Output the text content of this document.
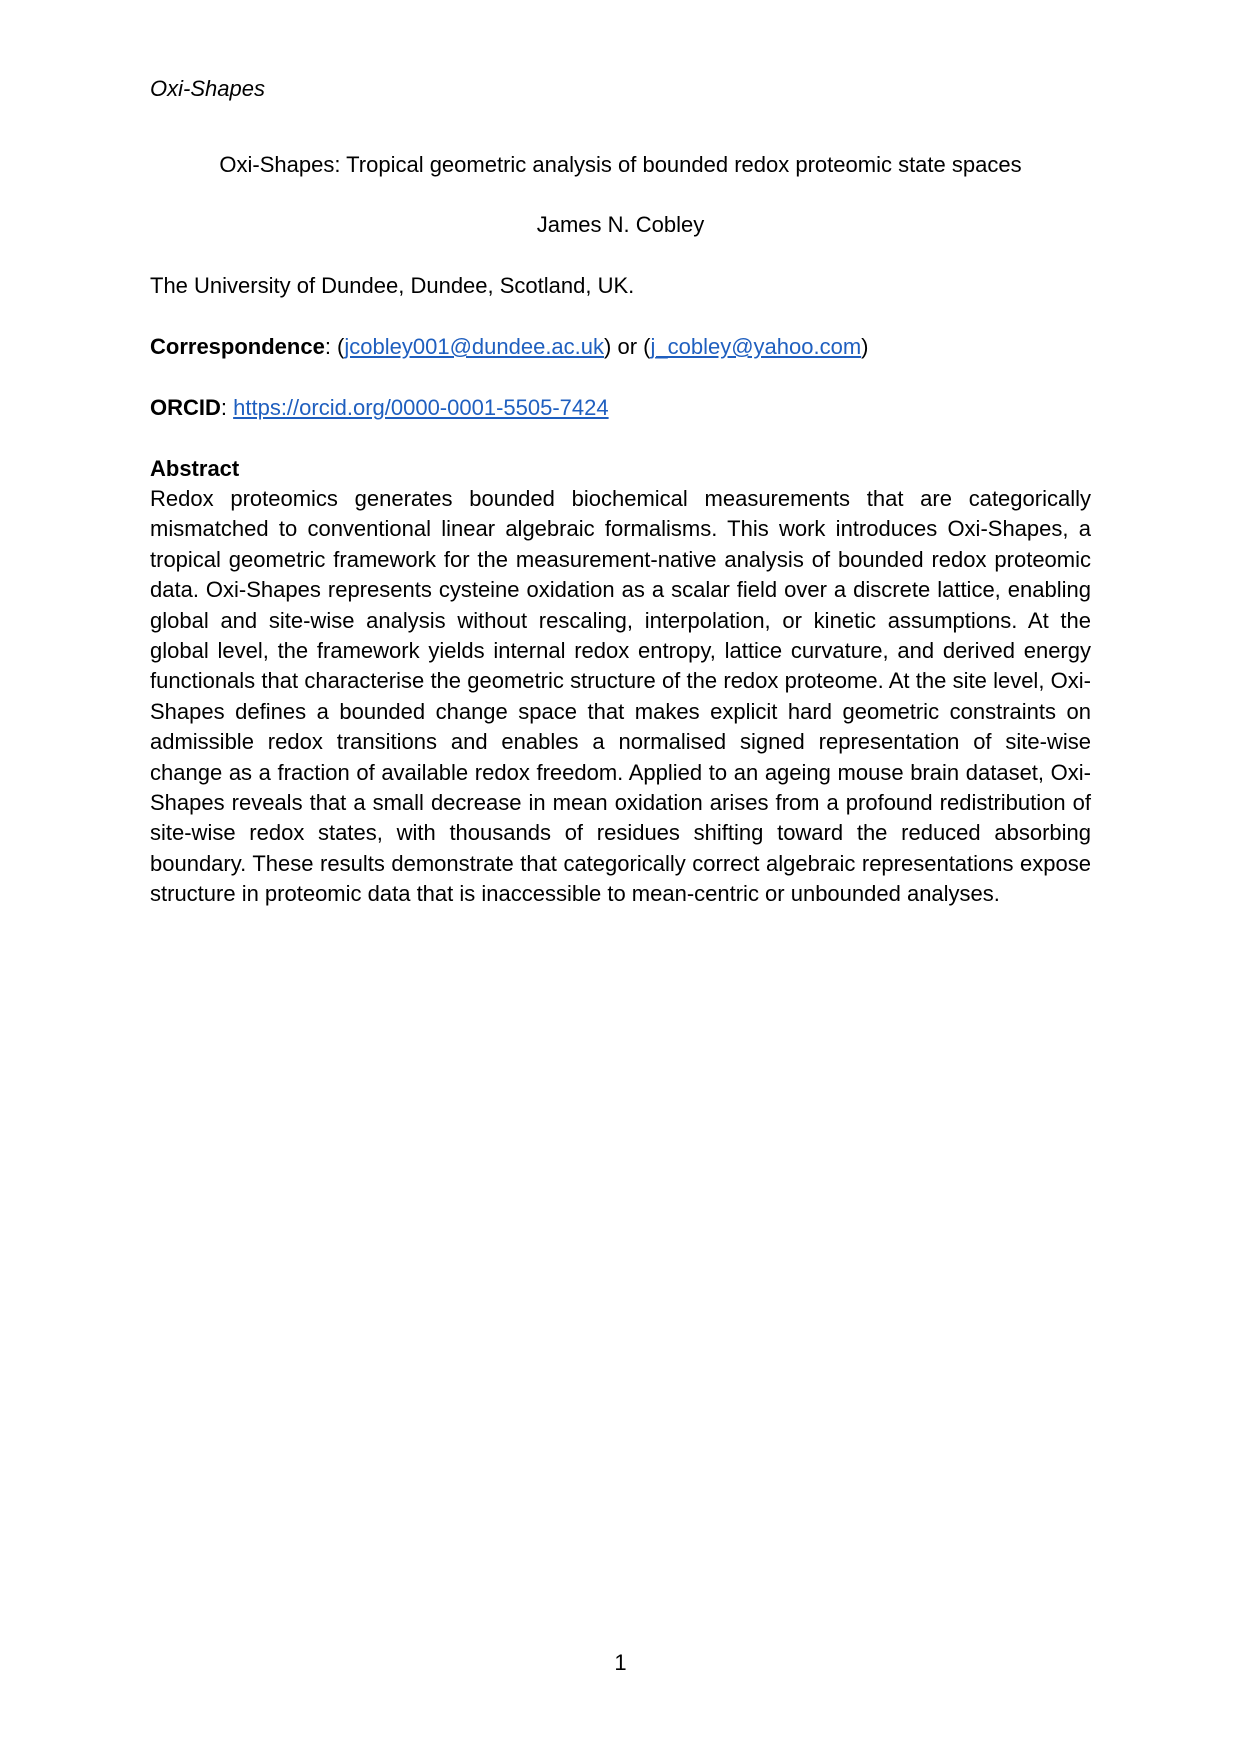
Oxi-Shapes
Oxi-Shapes: Tropical geometric analysis of bounded redox proteomic state spaces
James N. Cobley
The University of Dundee, Dundee, Scotland, UK.
Correspondence: (jcobley001@dundee.ac.uk) or (j_cobley@yahoo.com)
ORCID: https://orcid.org/0000-0001-5505-7424
Abstract

Redox proteomics generates bounded biochemical measurements that are categorically mismatched to conventional linear algebraic formalisms. This work introduces Oxi-Shapes, a tropical geometric framework for the measurement-native analysis of bounded redox proteomic data. Oxi-Shapes represents cysteine oxidation as a scalar field over a discrete lattice, enabling global and site-wise analysis without rescaling, interpolation, or kinetic assumptions. At the global level, the framework yields internal redox entropy, lattice curvature, and derived energy functionals that characterise the geometric structure of the redox proteome. At the site level, Oxi-Shapes defines a bounded change space that makes explicit hard geometric constraints on admissible redox transitions and enables a normalised signed representation of site-wise change as a fraction of available redox freedom. Applied to an ageing mouse brain dataset, Oxi-Shapes reveals that a small decrease in mean oxidation arises from a profound redistribution of site-wise redox states, with thousands of residues shifting toward the reduced absorbing boundary. These results demonstrate that categorically correct algebraic representations expose structure in proteomic data that is inaccessible to mean-centric or unbounded analyses.

1
